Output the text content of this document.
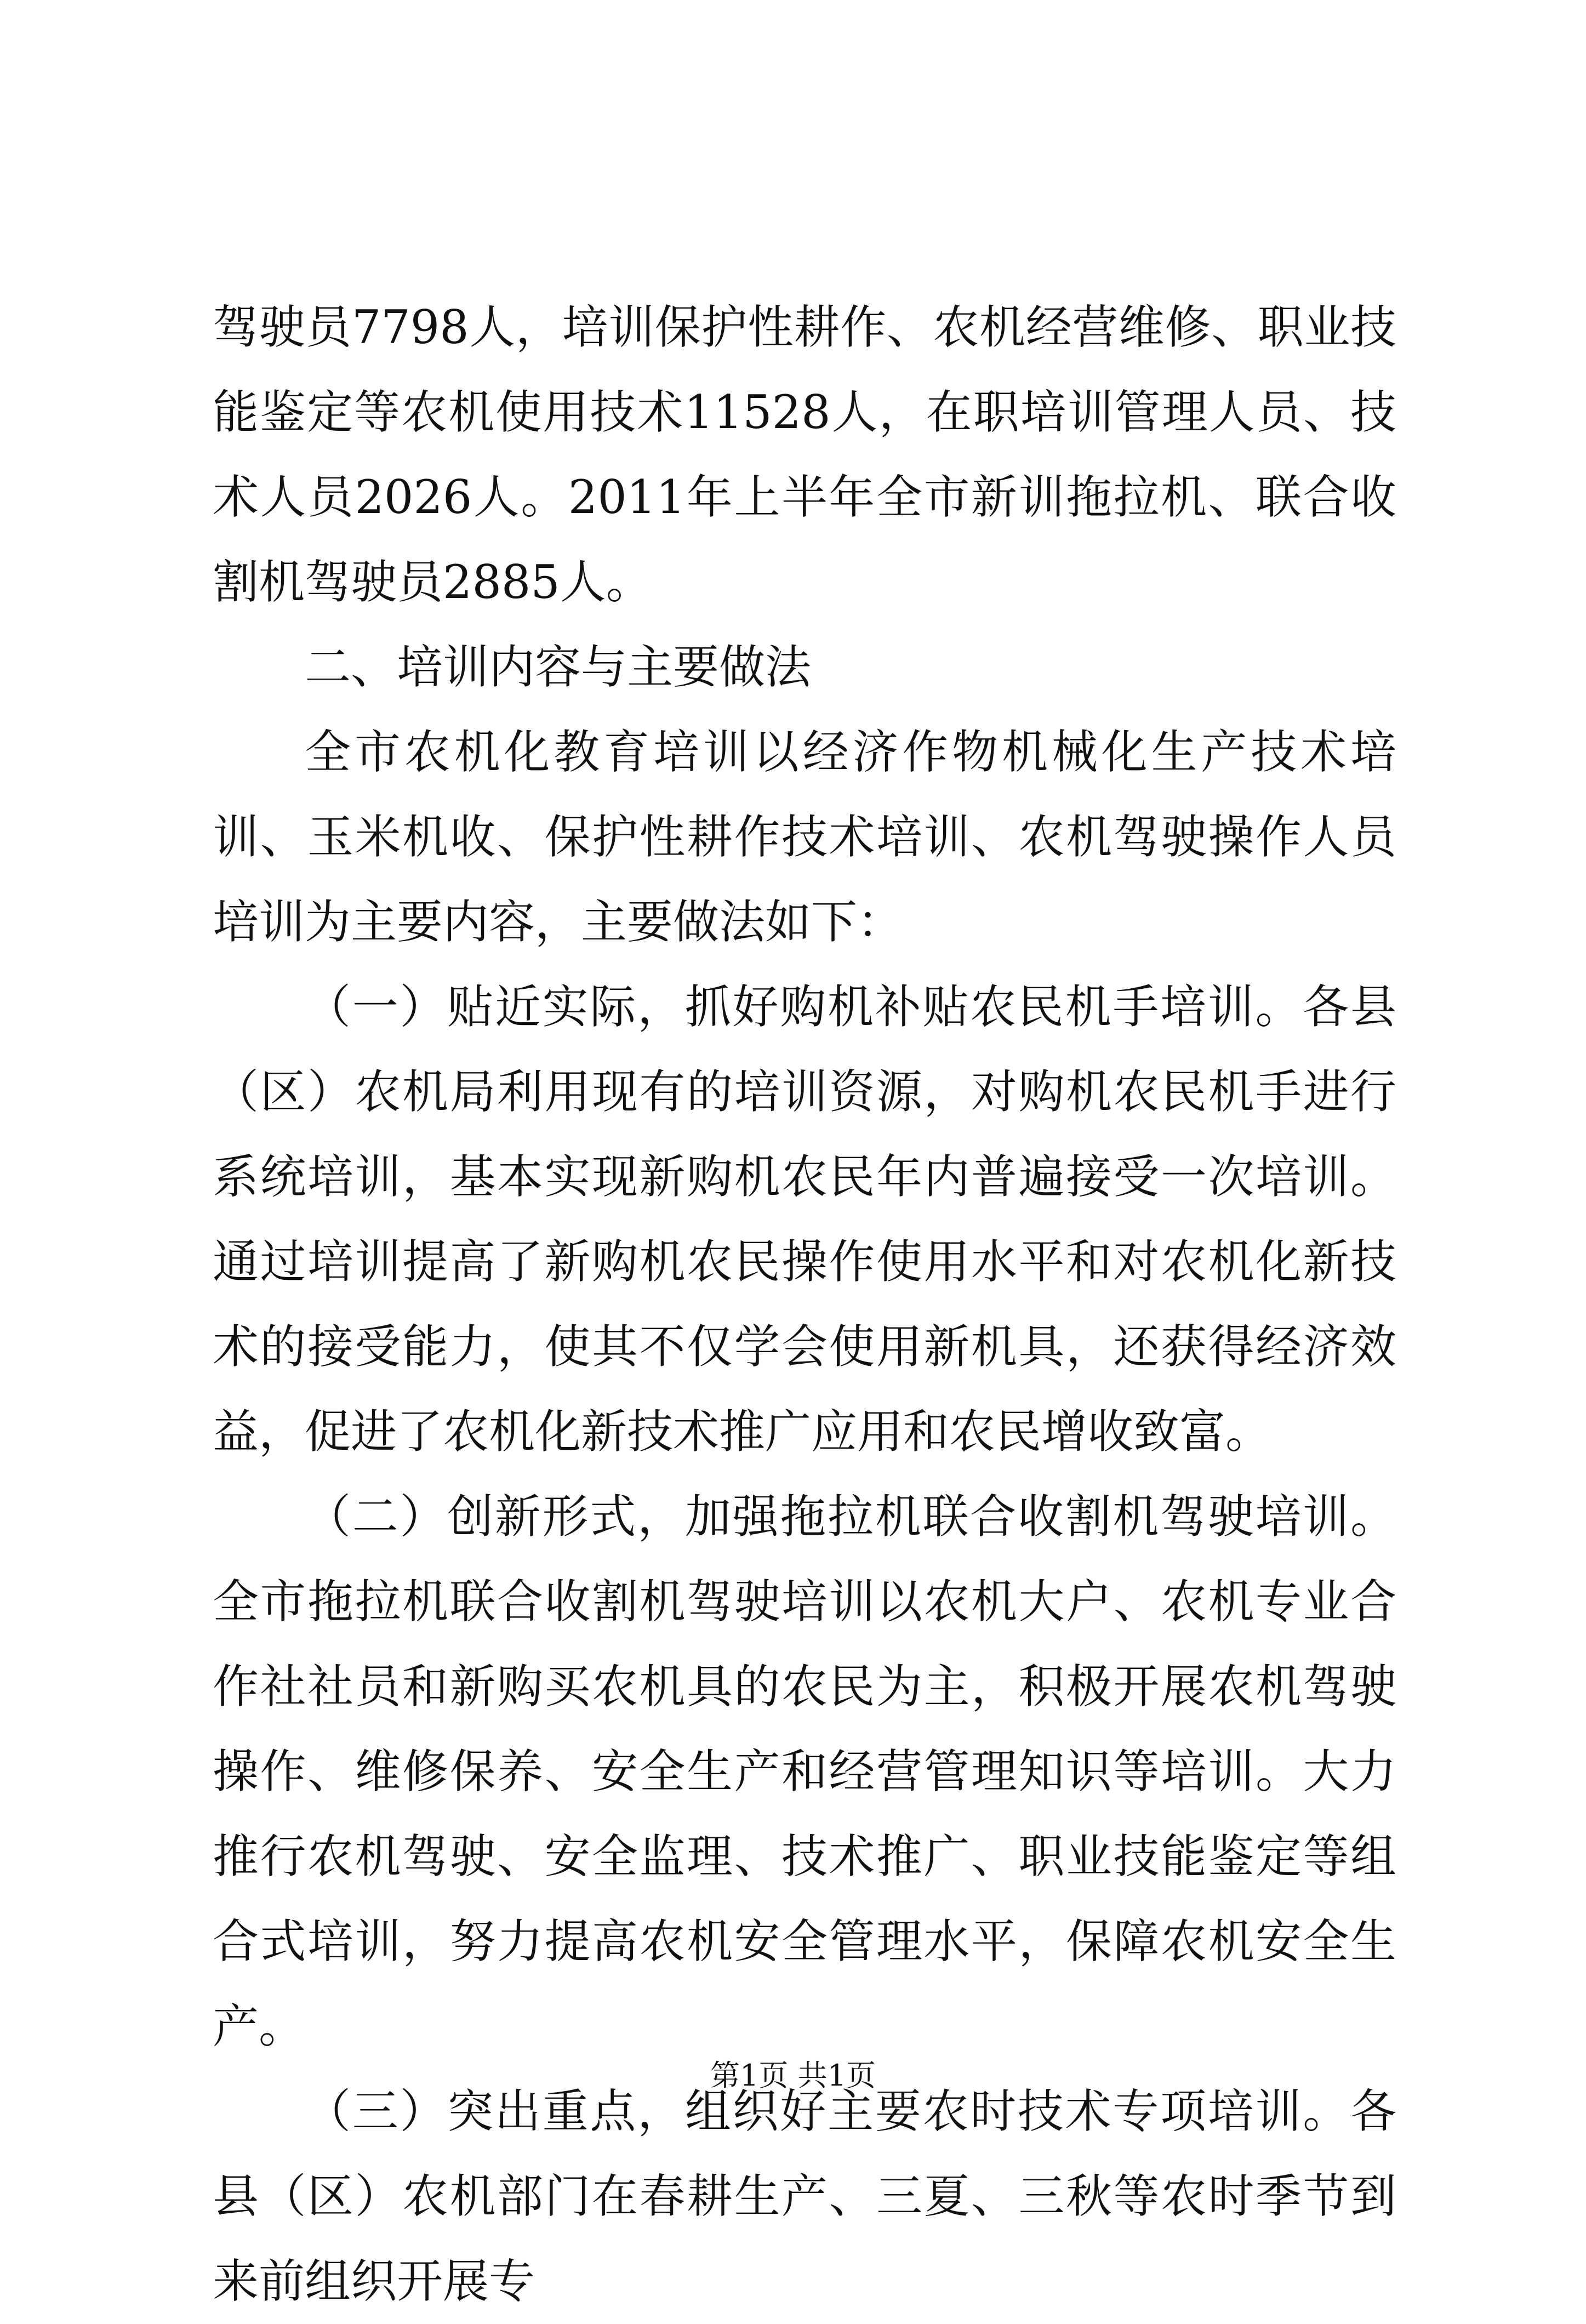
驾驶员7798人，培训保护性耕作、农机经营维修、职业技能鉴定等农机使用技术11528人，在职培训管理人员、技术人员2026人。2011年上半年全市新训拖拉机、联合收割机驾驶员2885人。

二、培训内容与主要做法

全市农机化教育培训以经济作物机械化生产技术培训、玉米机收、保护性耕作技术培训、农机驾驶操作人员培训为主要内容，主要做法如下：

（一）贴近实际，抓好购机补贴农民机手培训。各县（区）农机局利用现有的培训资源，对购机农民机手进行系统培训，基本实现新购机农民年内普遍接受一次培训。通过培训提高了新购机农民操作使用水平和对农机化新技术的接受能力，使其不仅学会使用新机具，还获得经济效益，促进了农机化新技术推广应用和农民增收致富。

（二）创新形式，加强拖拉机联合收割机驾驶培训。全市拖拉机联合收割机驾驶培训以农机大户、农机专业合作社社员和新购买农机具的农民为主，积极开展农机驾驶操作、维修保养、安全生产和经营管理知识等培训。大力推行农机驾驶、安全监理、技术推广、职业技能鉴定等组合式培训，努力提高农机安全管理水平，保障农机安全生产。

（三）突出重点，组织好主要农时技术专项培训。各县（区）农机部门在春耕生产、三夏、三秋等农时季节到来前组织开展专

第1页 共1页
